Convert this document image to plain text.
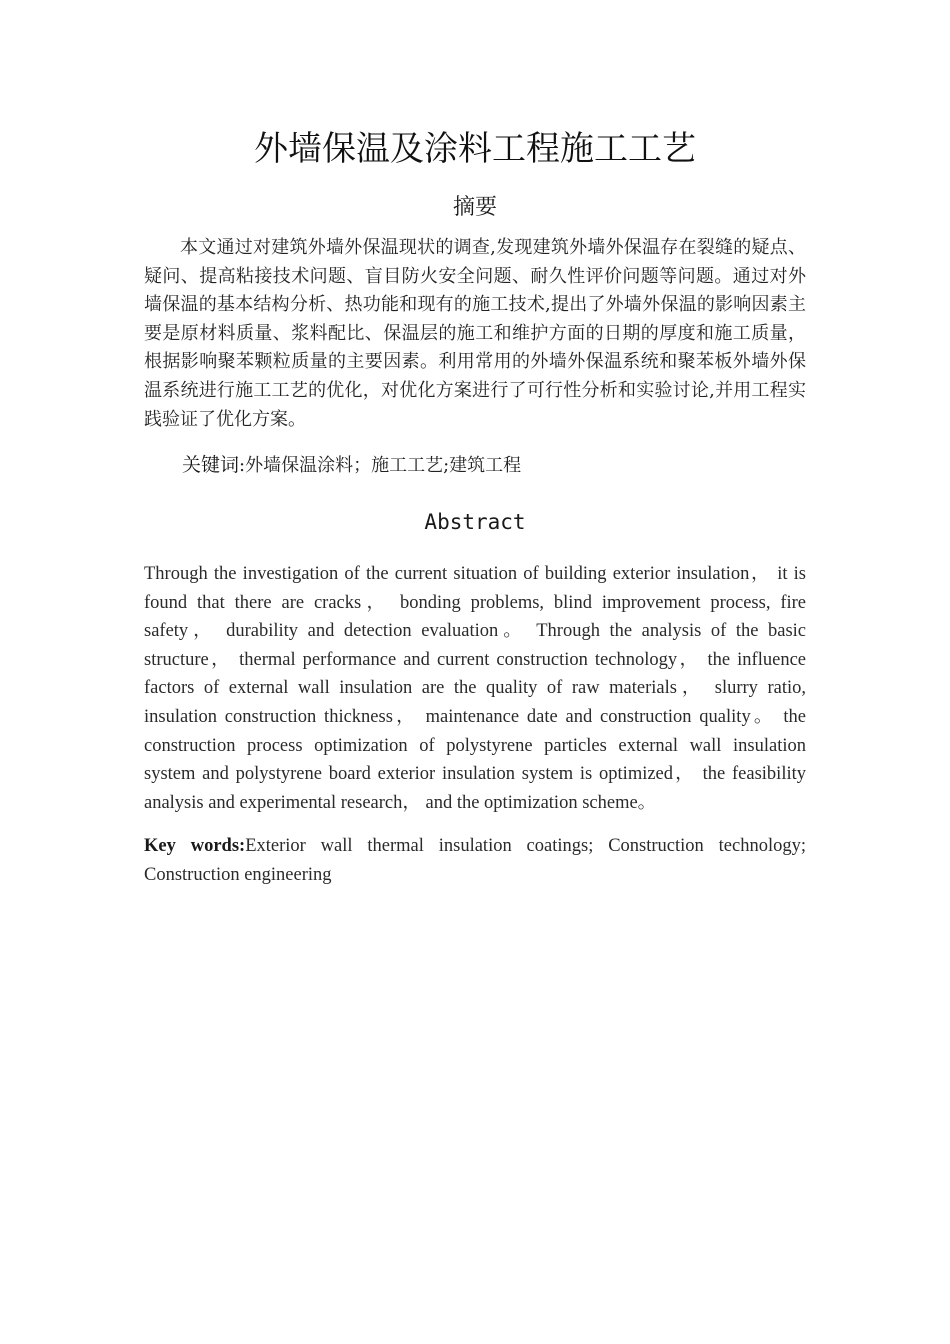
外墙保温及涂料工程施工工艺
摘要

本文通过对建筑外墙外保温现状的调查,发现建筑外墙外保温存在裂缝的疑点、疑问、提高粘接技术问题、盲目防火安全问题、耐久性评价问题等问题。通过对外墙保温的基本结构分析、热功能和现有的施工技术,提出了外墙外保温的影响因素主要是原材料质量、浆料配比、保温层的施工和维护方面的日期的厚度和施工质量，根据影响聚苯颗粒质量的主要因素。利用常用的外墙外保温系统和聚苯板外墙外保温系统进行施工工艺的优化，对优化方案进行了可行性分析和实验讨论,并用工程实践验证了优化方案。

关键词:外墙保温涂料；施工工艺;建筑工程

Abstract

Through the investigation of the current situation of building exterior insulation， it is found that there are cracks， bonding problems, blind improvement process, fire safety， durability and detection evaluation。 Through the analysis of the basic structure， thermal performance and current construction technology， the influence factors of external wall insulation are the quality of raw materials， slurry ratio, insulation construction thickness， maintenance date and construction quality。 the construction process optimization of polystyrene particles external wall insulation system and polystyrene board exterior insulation system is optimized， the feasibility analysis and experimental research， and the optimization scheme。

Key words:Exterior wall thermal insulation coatings; Construction technology; Construction engineering
